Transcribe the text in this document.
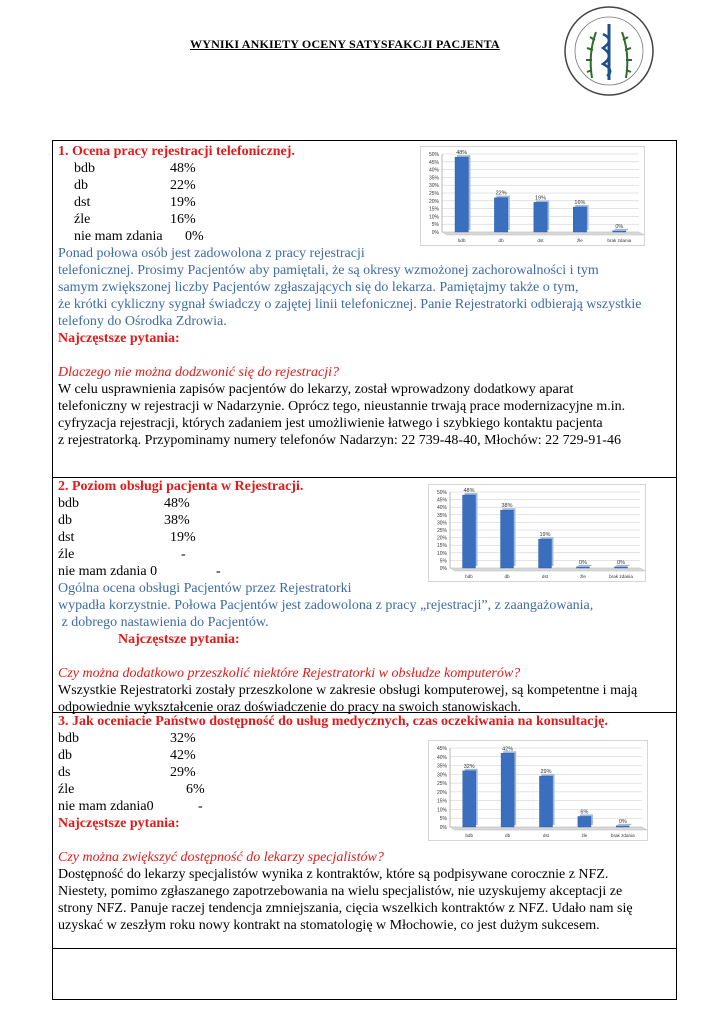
WYNIKI ANKIETY OCENY SATYSFAKCJI PACJENTA
1. Ocena pracy rejestracji telefonicznej.
bdb	48%
db	22%
dst	19%
źle	16%
nie mam zdania 0%
Ponad połowa osób jest zadowolona z pracy rejestracji
telefonicznej. Prosimy Pacjentów aby pamiętali, że są okresy wzmożonej zachorowalności i tym
samym zwiększonej liczby Pacjentów zgłaszających się do lekarza. Pamiętajmy także o tym,
że krótki cykliczny sygnał świadczy o zajętej linii telefonicznej. Panie Rejestratorki odbierają wszystkie
telefony do Ośrodka Zdrowia.
Najczęstsze pytania:
Dlaczego nie można dodzwonić się do rejestracji?
W celu usprawnienia zapisów pacjentów do lekarzy, został wprowadzony dodatkowy aparat
telefoniczny w rejestracji w Nadarzynie. Oprócz tego, nieustannie trwają prace modernizacyjne m.in.
cyfryzacja rejestracji, których zadaniem jest umożliwienie łatwego i szybkiego kontaktu pacjenta
z rejestratorką. Przypominamy numery telefonów Nadarzyn: 22 739-48-40, Młochów: 22 729-91-46
2. Poziom obsługi pacjenta w Rejestracji.
bdb	48%
db	38%
dst	19%
źle	-
nie mam zdania 0	-
Ogólna ocena obsługi Pacjentów przez Rejestratorki
wypadła korzystnie. Połowa Pacjentów jest zadowolona z pracy „rejestracji”, z zaangażowania,
z dobrego nastawienia do Pacjentów.
Najczęstsze pytania:
Czy można dodatkowo przeszkolić niektóre Rejestratorki w obsłudze komputerów?
Wszystkie Rejestratorki zostały przeszkolone w zakresie obsługi komputerowej, są kompetentne i mają
odpowiednie wykształcenie oraz doświadczenie do pracy na swoich stanowiskach.
3. Jak oceniacie Państwo dostępność do usług medycznych, czas oczekiwania na konsultację.
bdb	32%
db	42%
ds	29%
źle	6%
nie mam zdania0	-
Najczęstsze pytania:
Czy można zwiększyć dostępność do lekarzy specjalistów?
Dostępność do lekarzy specjalistów wynika z kontraktów, które są podpisywane corocznie z NFZ.
Niestety, pomimo zgłaszanego zapotrzebowania na wielu specjalistów, nie uzyskujemy akceptacji ze
strony NFZ. Panuje raczej tendencja zmniejszania, cięcia wszelkich kontraktów z NFZ. Udało nam się
uzyskać w zeszłym roku nowy kontrakt na stomatologię w Młochowie, co jest dużym sukcesem.
0%
5%
10%
15%
20%
25%
30%
35%
40%
45%
50%	48%
bdb
22%
db
19%
dst
16%
źle
0%
brak zdania
0%
5%
10%
15%
20%
25%
30%
35%
40%
45%
50%	48%
bdb
38%
db
19%
dst
0%
źle
0%
brak zdania
0%
5%
10%
15%
20%
25%
30%
35%
40%
45%
32%
bdb
42%
db
29%
dst
6%
źle
0%
brak zdania
